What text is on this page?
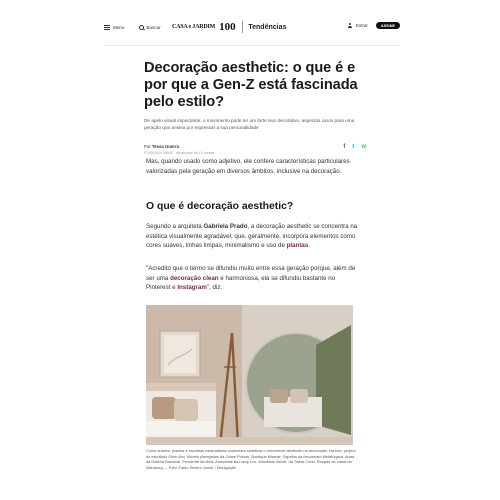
Menu	Buscar CASA e JARDIM 100 Tendências	Entrar	ASSINE
Decoração aesthetic: o que é e por que a Gen-Z está fascinada pelo estilo?

De apelo visual impactante, o movimento pode ter um forte teor decorativo, aspectos caros para uma geração que anseia por expressar a sua personalidade

Por Tessa Guerra
07/05/2024 06h00 · Atualizado há 10 meses
f t w

Mas, quando usado como adjetivo, ele confere características particulares valorizadas pela geração em diversos âmbitos, inclusive na decoração.

O que é decoração aesthetic?

Segundo a arquiteta Gabriela Prado, a decoração aesthetic se concentra na estética visualmente agradável, que, geralmente, incorpora elementos como cores suaves, linhas limpas, minimalismo e uso de plantas.

"Acredito que o termo se difundiu muito entre essa geração porque, além de ser uma decoração clean e harmoniosa, ela se difundiu bastante no Pinterest e Instagram", diz.

Cores suaves, plantas e escolhas minimalistas costumam sintetizar o movimento aesthetic na decoração. Na foto, projeto do escritório Olmo Arq. Móveis planejados da Criare Porcas. Boutique Mirante. Espelho da decorinam Metalúrgica. Arara da Galeria Nacional. Pendente da Bela. Arandelas da Lamp Lux. Almofada Velvet, da Tintas Corel. Roupas de cama da Altenburg — Foto: Fabio Severo Junior / Divulgação
